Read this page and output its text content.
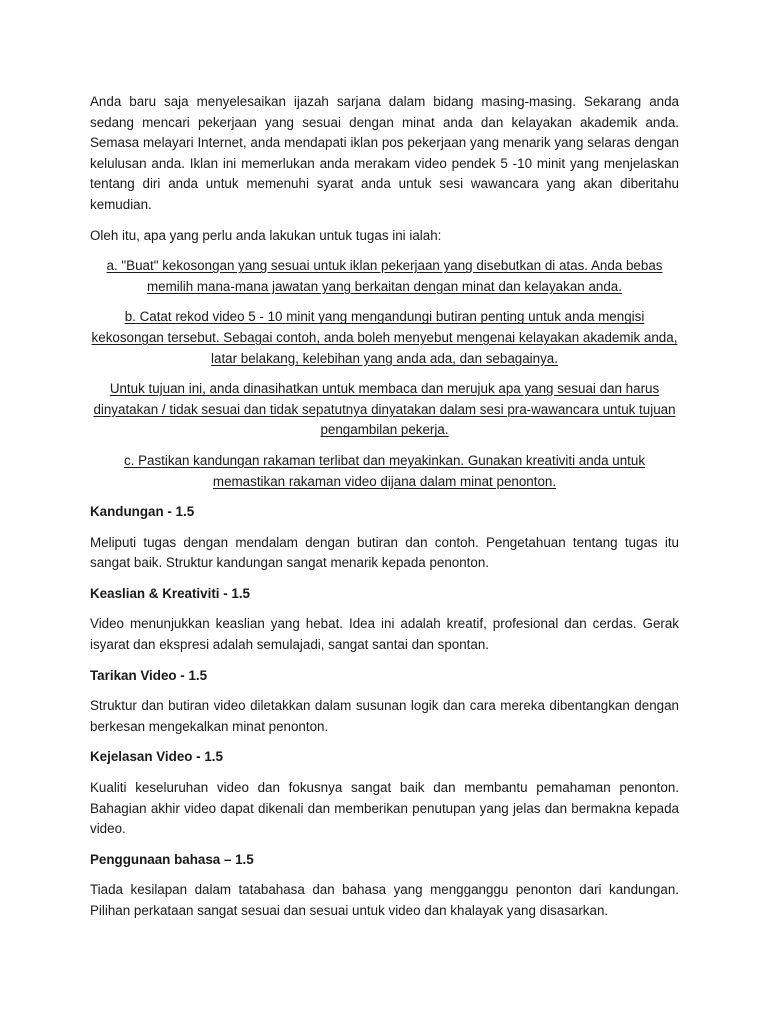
Anda baru saja menyelesaikan ijazah sarjana dalam bidang masing-masing. Sekarang anda sedang mencari pekerjaan yang sesuai dengan minat anda dan kelayakan akademik anda. Semasa melayari Internet, anda mendapati iklan pos pekerjaan yang menarik yang selaras dengan kelulusan anda. Iklan ini memerlukan anda merakam video pendek 5 -10 minit yang menjelaskan tentang diri anda untuk memenuhi syarat anda untuk sesi wawancara yang akan diberitahu kemudian.

Oleh itu, apa yang perlu anda lakukan untuk tugas ini ialah:

a. "Buat" kekosongan yang sesuai untuk iklan pekerjaan yang disebutkan di atas. Anda bebas memilih mana-mana jawatan yang berkaitan dengan minat dan kelayakan anda.

b. Catat rekod video 5 - 10 minit yang mengandungi butiran penting untuk anda mengisi kekosongan tersebut. Sebagai contoh, anda boleh menyebut mengenai kelayakan akademik anda, latar belakang, kelebihan yang anda ada, dan sebagainya.

Untuk tujuan ini, anda dinasihatkan untuk membaca dan merujuk apa yang sesuai dan harus dinyatakan / tidak sesuai dan tidak sepatutnya dinyatakan dalam sesi pra-wawancara untuk tujuan pengambilan pekerja.

c. Pastikan kandungan rakaman terlibat dan meyakinkan. Gunakan kreativiti anda untuk memastikan rakaman video dijana dalam minat penonton.

Kandungan - 1.5

Meliputi tugas dengan mendalam dengan butiran dan contoh. Pengetahuan tentang tugas itu sangat baik. Struktur kandungan sangat menarik kepada penonton.

Keaslian & Kreativiti - 1.5

Video menunjukkan keaslian yang hebat. Idea ini adalah kreatif, profesional dan cerdas. Gerak isyarat dan ekspresi adalah semulajadi, sangat santai dan spontan.

Tarikan Video - 1.5

Struktur dan butiran video diletakkan dalam susunan logik dan cara mereka dibentangkan dengan berkesan mengekalkan minat penonton.

Kejelasan Video - 1.5

Kualiti keseluruhan video dan fokusnya sangat baik dan membantu pemahaman penonton. Bahagian akhir video dapat dikenali dan memberikan penutupan yang jelas dan bermakna kepada video.

Penggunaan bahasa – 1.5

Tiada kesilapan dalam tatabahasa dan bahasa yang mengganggu penonton dari kandungan. Pilihan perkataan sangat sesuai dan sesuai untuk video dan khalayak yang disasarkan.
